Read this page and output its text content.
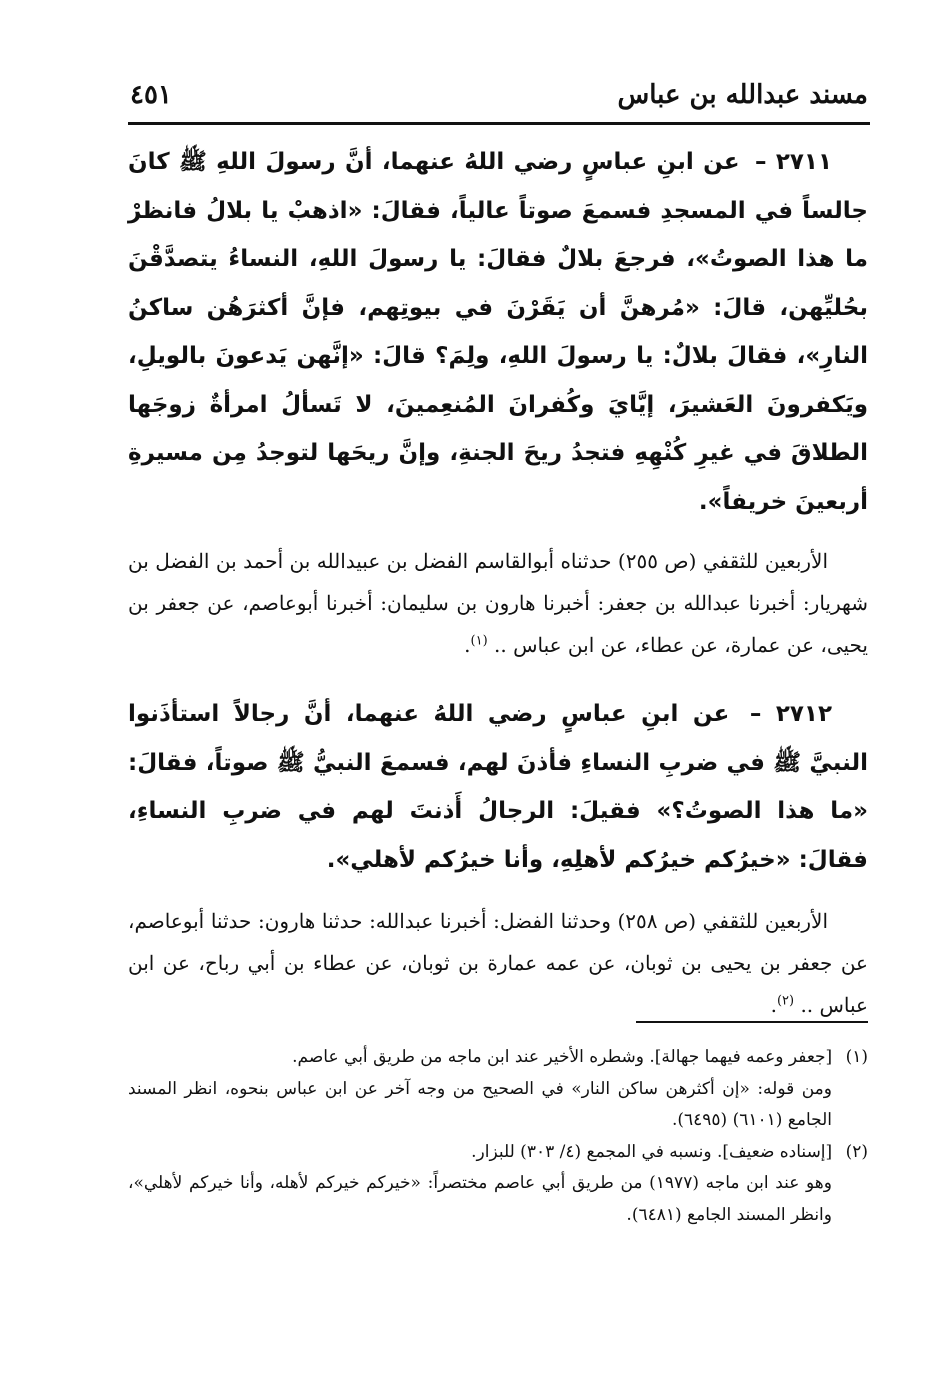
مسند عبدالله بن عباس
٤٥١

٢٧١١ – عن ابنِ عباسٍ رضي اللهُ عنهما، أنَّ رسولَ اللهِ ﷺ كانَ جالساً في المسجدِ فسمعَ صوتاً عالياً، فقالَ: «اذهبْ يا بلالُ فانظرْ ما هذا الصوتُ»، فرجعَ بلالٌ فقالَ: يا رسولَ اللهِ، النساءُ يتصدَّقْنَ بحُليِّهن، قالَ: «مُرهنَّ أن يَقَرْنَ في بيوتِهم، فإنَّ أكثرَهُن ساكنُ النارِ»، فقالَ بلالٌ: يا رسولَ اللهِ، ولِمَ؟ قالَ: «إنَّهن يَدعونَ بالويلِ، ويَكفرونَ العَشيرَ، إيَّايَ وكُفرانَ المُنعِمينَ، لا تَسألُ امرأةٌ زوجَها الطلاقَ في غيرِ كُنْهِهِ فتجدُ ريحَ الجنةِ، وإنَّ ريحَها لتوجدُ مِن مسيرةِ أربعينَ خريفاً».

الأربعين للثقفي (ص ٢٥٥) حدثناه أبوالقاسم الفضل بن عبيدالله بن أحمد بن الفضل بن شهريار: أخبرنا عبدالله بن جعفر: أخبرنا هارون بن سليمان: أخبرنا أبوعاصم، عن جعفر بن يحيى، عن عمارة، عن عطاء، عن ابن عباس .. $^{(١)}$.

٢٧١٢ – عن ابنِ عباسٍ رضي اللهُ عنهما، أنَّ رجالاً استأذَنوا النبيَّ ﷺ في ضربِ النساءِ فأذنَ لهم، فسمعَ النبيُّ ﷺ صوتاً، فقالَ: «ما هذا الصوتُ؟» فقيلَ: الرجالُ أَذنتَ لهم في ضربِ النساءِ، فقالَ: «خيرُكم خيرُكم لأهلِهِ، وأنا خيرُكم لأهلي».

الأربعين للثقفي (ص ٢٥٨) وحدثنا الفضل: أخبرنا عبدالله: حدثنا هارون: حدثنا أبوعاصم، عن جعفر بن يحيى بن ثوبان، عن عمه عمارة بن ثوبان، عن عطاء بن أبي رباح، عن ابن عباس .. $^{(٢)}$.

(١) [جعفر وعمه فيهما جهالة]. وشطره الأخير عند ابن ماجه من طريق أبي عاصم.

ومن قوله: «إن أكثرهن ساكن النار» في الصحيح من وجه آخر عن ابن عباس بنحوه، انظر المسند الجامع (٦١٠١) (٦٤٩٥).

(٢) [إسناده ضعيف]. ونسبه في المجمع (٤/ ٣٠٣) للبزار.

وهو عند ابن ماجه (١٩٧٧) من طريق أبي عاصم مختصراً: «خيركم خيركم لأهله، وأنا خيركم لأهلي»، وانظر المسند الجامع (٦٤٨١).
